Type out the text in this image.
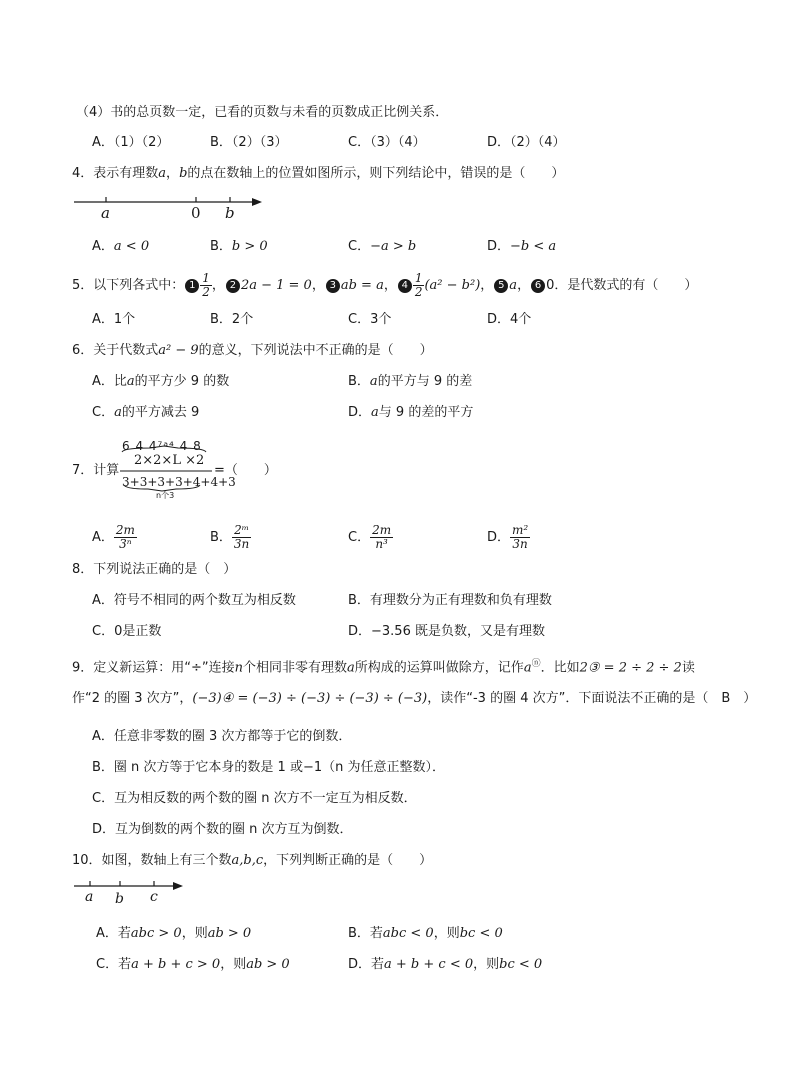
（4）书的总页数一定，已看的页数与未看的页数成正比例关系．
A．（1）（2）	B．（2）（3）	C．（3）（4）	D．（2）（4）
4．表示有理数a，b的点在数轴上的位置如图所示，则下列结论中，错误的是（　　）
a	0 b
A．a < 0	B．b > 0	C．−a > b	D．−b < a
5．以下列各式中： $1 \frac{1}{2}$ ， 2 2a − 1 = 0， 3 ab = a， $4 \frac{1}{2} (a^2 - b^2)$， 5 a， 6 0．是代数式的有（　　）
A．1个	B．2个	C．3个	D．4个
6．关于代数式a² − 9的意义，下列说法中不正确的是（　　）
A．比a的平方少 9 的数	B．a的平方与 9 的差
C．a的平方减去 9	D．a与 9 的差的平方
6 4 4⁷ᵃ⁴ 4 8
2×2×L ×2
7．计算	=（　　）
3+3+3+3+4+4+3
n个3
A． $\frac{2m}{\text{3ⁿ}}$	B． $\frac{\text{2ᵐ}}{3n}$	C． $\frac{2m}{\text{n³}}$	D． $\frac{\text{m²}}{3n}$
8．下列说法正确的是（　）
A．符号不相同的两个数互为相反数	B．有理数分为正有理数和负有理数
C．0是正数	D．−3.56 既是负数，又是有理数
9．定义新运算：用“÷”连接n个相同非零有理数a所构成的运算叫做除方，记作aⓝ．比如2③ = 2 ÷ 2 ÷ 2读
作“2 的圈 3 次方”，(−3)④ = (−3) ÷ (−3) ÷ (−3) ÷ (−3)，读作“-3 的圈 4 次方”．下面说法不正确的是（　B　）
A．任意非零数的圈 3 次方都等于它的倒数．
B．圈 n 次方等于它本身的数是 1 或−1（n 为任意正整数）．
C．互为相反数的两个数的圈 n 次方不一定互为相反数．
D．互为倒数的两个数的圈 n 次方互为倒数．
10．如图，数轴上有三个数a,b,c，下列判断正确的是（　　）
a b c
A．若abc > 0，则ab > 0	B．若abc < 0，则bc < 0
C．若a + b + c > 0，则ab > 0	D．若a + b + c < 0，则bc < 0
